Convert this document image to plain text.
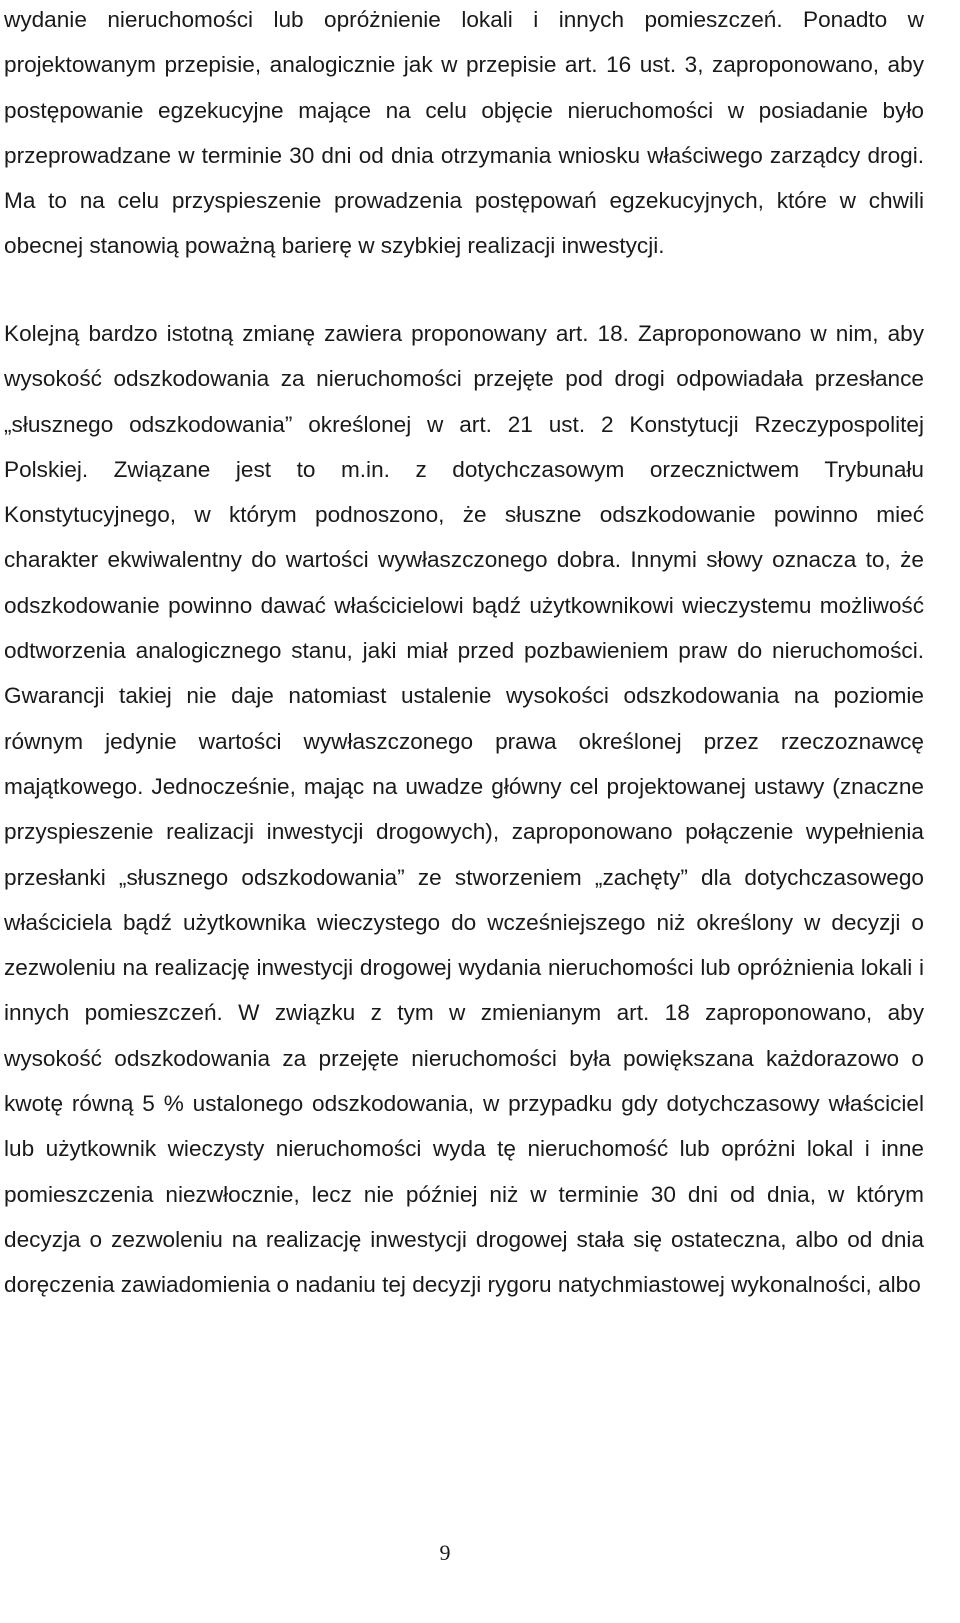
wydanie nieruchomości lub opróżnienie lokali i innych pomieszczeń. Ponadto w projektowanym przepisie, analogicznie jak w przepisie art. 16 ust. 3, zaproponowano, aby postępowanie egzekucyjne mające na celu objęcie nieruchomości w posiadanie było przeprowadzane w terminie 30 dni od dnia otrzymania wniosku właściwego zarządcy drogi. Ma to na celu przyspieszenie prowadzenia postępowań egzekucyjnych, które w chwili obecnej stanowią poważną barierę w szybkiej realizacji inwestycji.

Kolejną bardzo istotną zmianę zawiera proponowany art. 18. Zaproponowano w nim, aby wysokość odszkodowania za nieruchomości przejęte pod drogi odpowiadała przesłance „słusznego odszkodowania” określonej w art. 21 ust. 2 Konstytucji Rzeczypospolitej Polskiej. Związane jest to m.in. z dotychczasowym orzecznictwem Trybunału Konstytucyjnego, w którym podnoszono, że słuszne odszkodowanie powinno mieć charakter ekwiwalentny do wartości wywłaszczonego dobra. Innymi słowy oznacza to, że odszkodowanie powinno dawać właścicielowi bądź użytkownikowi wieczystemu możliwość odtworzenia analogicznego stanu, jaki miał przed pozbawieniem praw do nieruchomości. Gwarancji takiej nie daje natomiast ustalenie wysokości odszkodowania na poziomie równym jedynie wartości wywłaszczonego prawa określonej przez rzeczoznawcę majątkowego. Jednocześnie, mając na uwadze główny cel projektowanej ustawy (znaczne przyspieszenie realizacji inwestycji drogowych), zaproponowano połączenie wypełnienia przesłanki „słusznego odszkodowania” ze stworzeniem „zachęty” dla dotychczasowego właściciela bądź użytkownika wieczystego do wcześniejszego niż określony w decyzji o zezwoleniu na realizację inwestycji drogowej wydania nieruchomości lub opróżnienia lokali i innych pomieszczeń. W związku z tym w zmienianym art. 18 zaproponowano, aby wysokość odszkodowania za przejęte nieruchomości była powiększana każdorazowo o kwotę równą 5 % ustalonego odszkodowania, w przypadku gdy dotychczasowy właściciel lub użytkownik wieczysty nieruchomości wyda tę nieruchomość lub opróżni lokal i inne pomieszczenia niezwłocznie, lecz nie później niż w terminie 30 dni od dnia, w którym decyzja o zezwoleniu na realizację inwestycji drogowej stała się ostateczna, albo od dnia doręczenia zawiadomienia o nadaniu tej decyzji rygoru natychmiastowej wykonalności, albo

9
